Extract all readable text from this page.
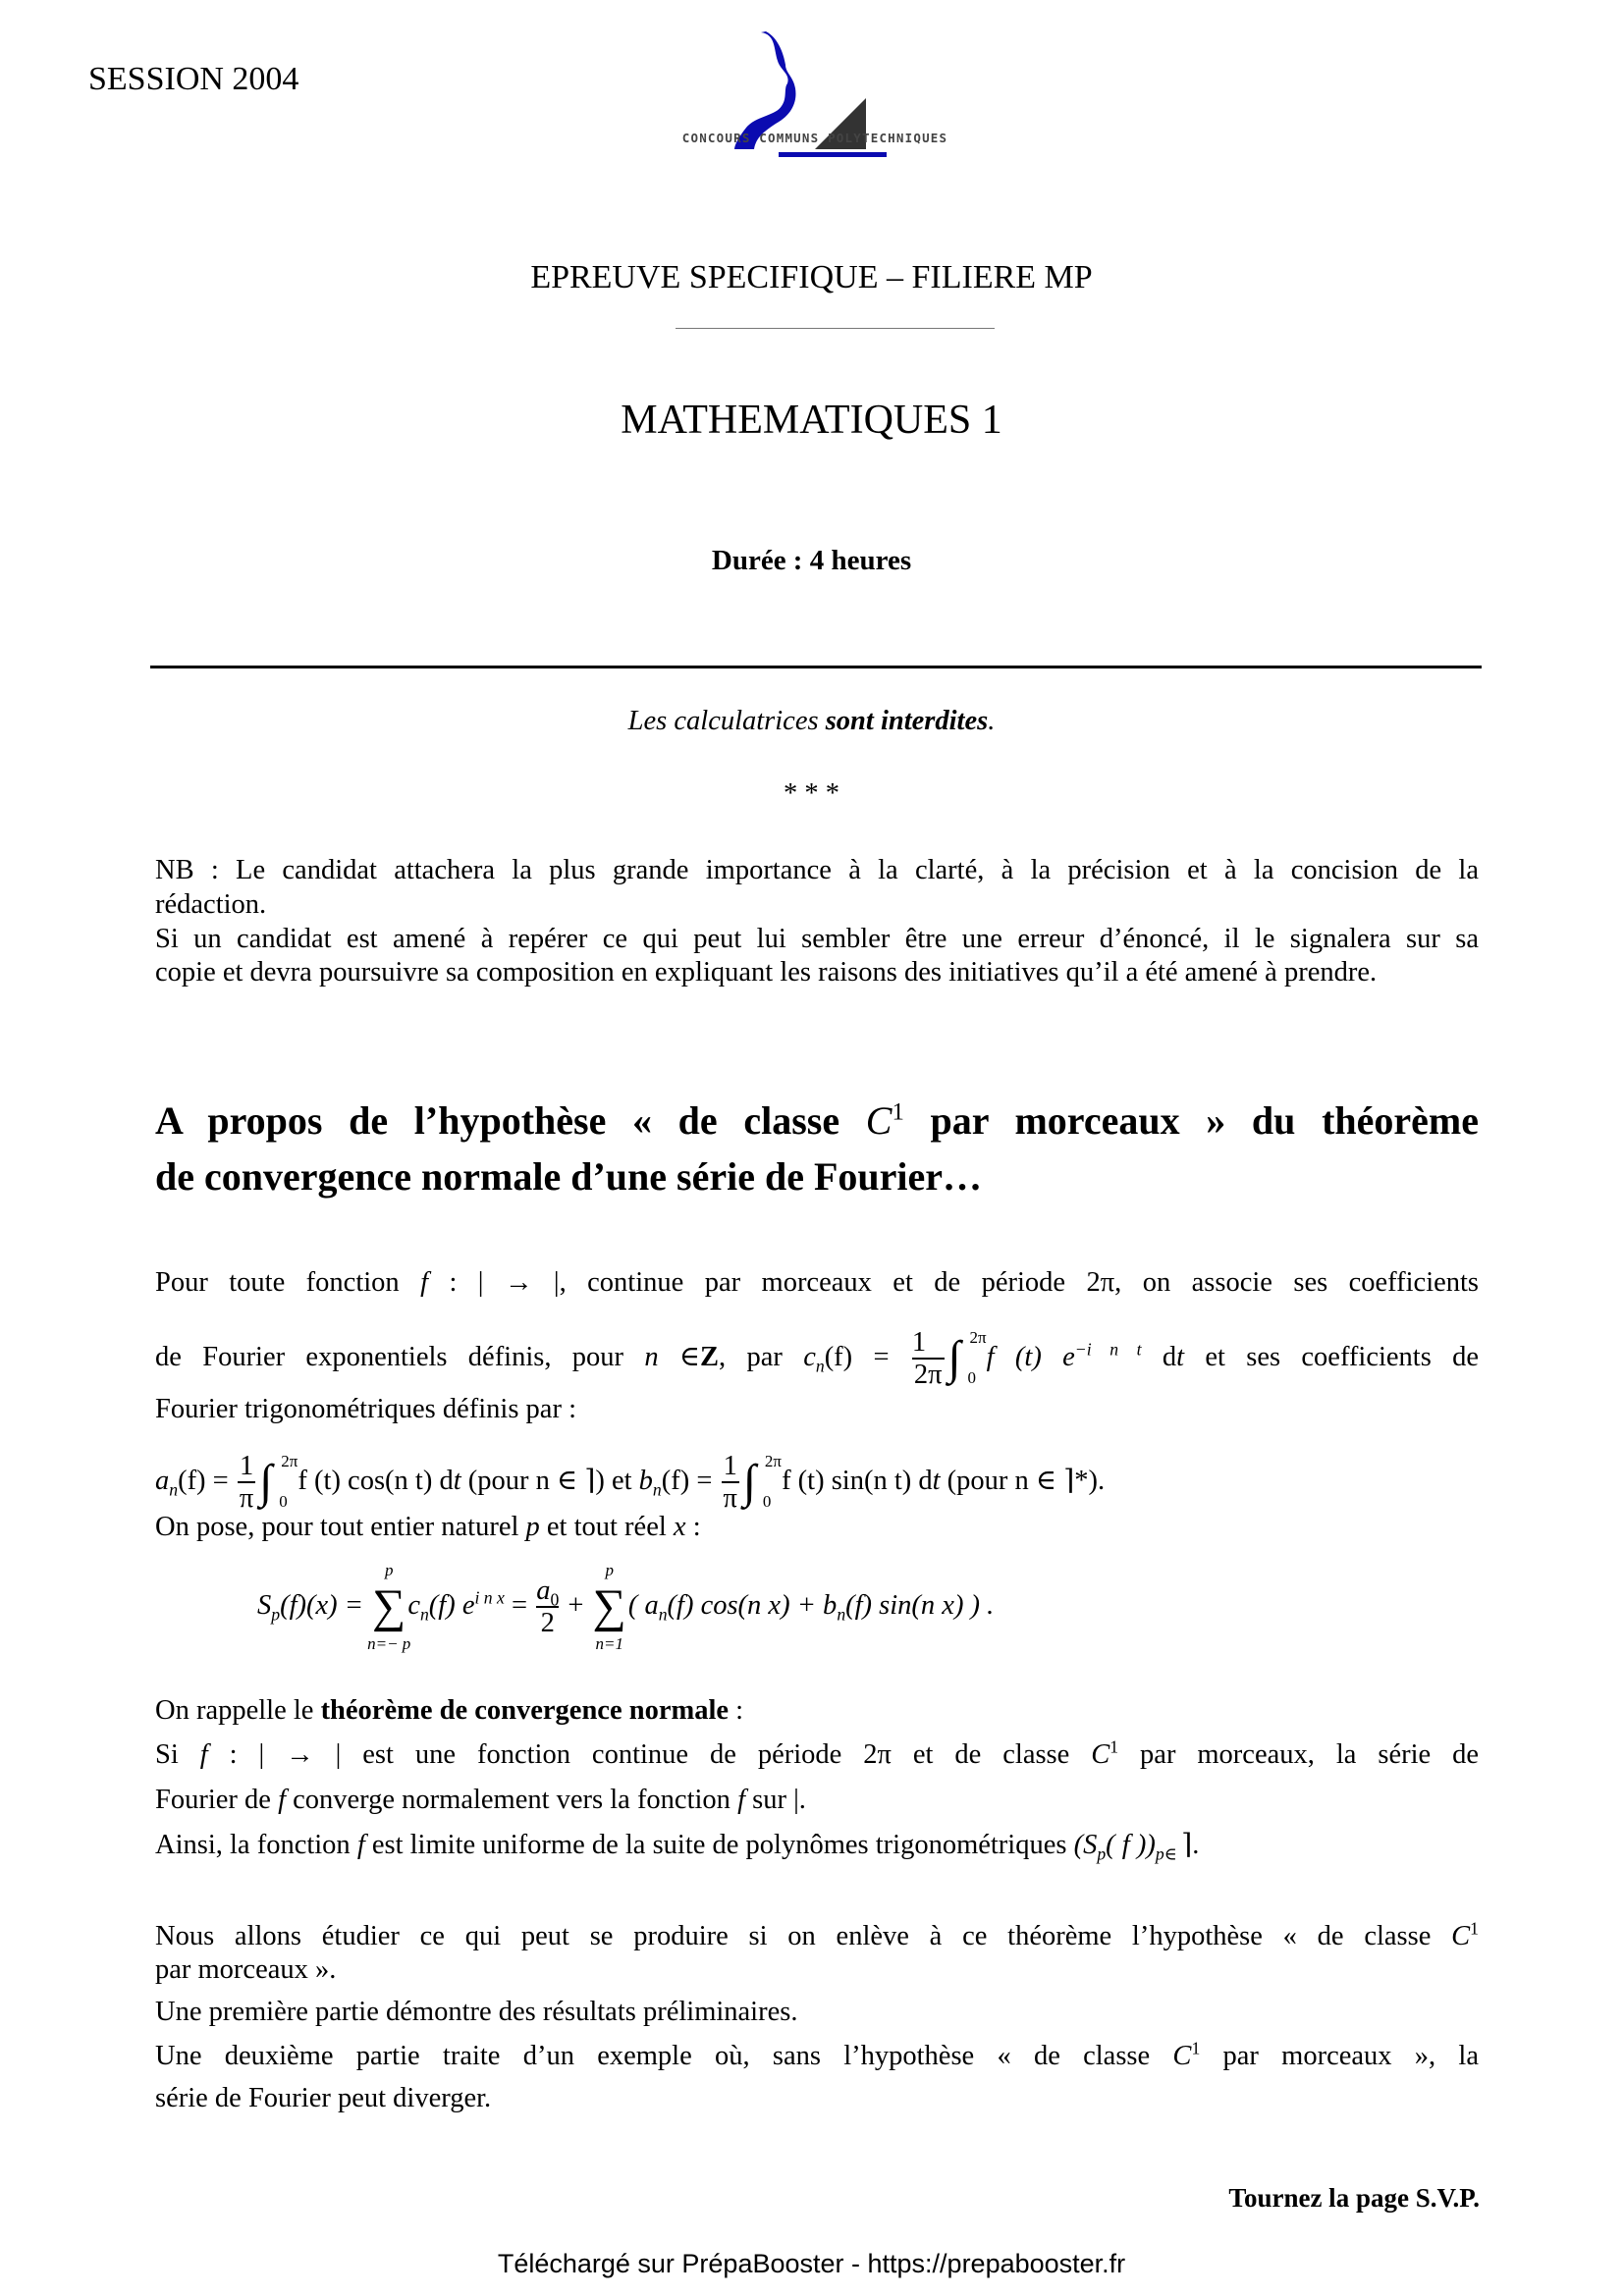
SESSION 2004
CONCOURS COMMUNS POLYTECHNIQUES
EPREUVE SPECIFIQUE – FILIERE MP
MATHEMATIQUES 1
Durée : 4 heures
Les calculatrices sont interdites.
* * *
NB : Le candidat attachera la plus grande importance à la clarté, à la précision et à la concision de la
rédaction.
Si un candidat est amené à repérer ce qui peut lui sembler être une erreur d’énoncé, il le signalera sur sa
copie et devra poursuivre sa composition en expliquant les raisons des initiatives qu’il a été amené à prendre.
A propos de l’hypothèse « de classe $C^1$ par morceaux » du théorème
de convergence normale d’une série de Fourier…
Pour toute fonction f : | → |, continue par morceaux et de période 2π, on associe ses coefficients
de Fourier exponentiels définis, pour n ∈Z, par $c_n(f) = \frac{1}{2\pi}$ ∫ 2π
0
f (t) $e^{-i n t}$ dt et ses coefficients de
Fourier trigonométriques définis par :
$a_n(f) = \frac{1}{\pi}$ ∫ 2π
0
f (t) cos(n t) dt (pour n ∈ ⌉) et $b_n(f) = \frac{1}{\pi}$ ∫ 2π
0
f (t) sin(n t) dt (pour n ∈ ⌉*).
On pose, pour tout entier naturel p et tout réel x :
$S_p(f)(x)$ = ∑
p
n=− p
$c_n(f) e^{i n x} = \frac{a_0}{2}$ + ∑
p
n=1
( $a_n(f)$ cos(n $x) + b_n(f)$ sin(n x) ) .
On rappelle le théorème de convergence normale :
Si f : | → | est une fonction continue de période 2π et de classe $C^1$ par morceaux, la série de
Fourier de f converge normalement vers la fonction f sur |.
Ainsi, la fonction f est limite uniforme de la suite de polynômes trigonométriques ($S_p$( f ))$_{p\in}$ ⌉.
Nous allons étudier ce qui peut se produire si on enlève à ce théorème l’hypothèse « de classe $C^1$
par morceaux ».
Une première partie démontre des résultats préliminaires.
Une deuxième partie traite d’un exemple où, sans l’hypothèse « de classe $C^1$ par morceaux », la
série de Fourier peut diverger.
Tournez la page S.V.P.
Téléchargé sur PrépaBooster - https://prepabooster.fr
